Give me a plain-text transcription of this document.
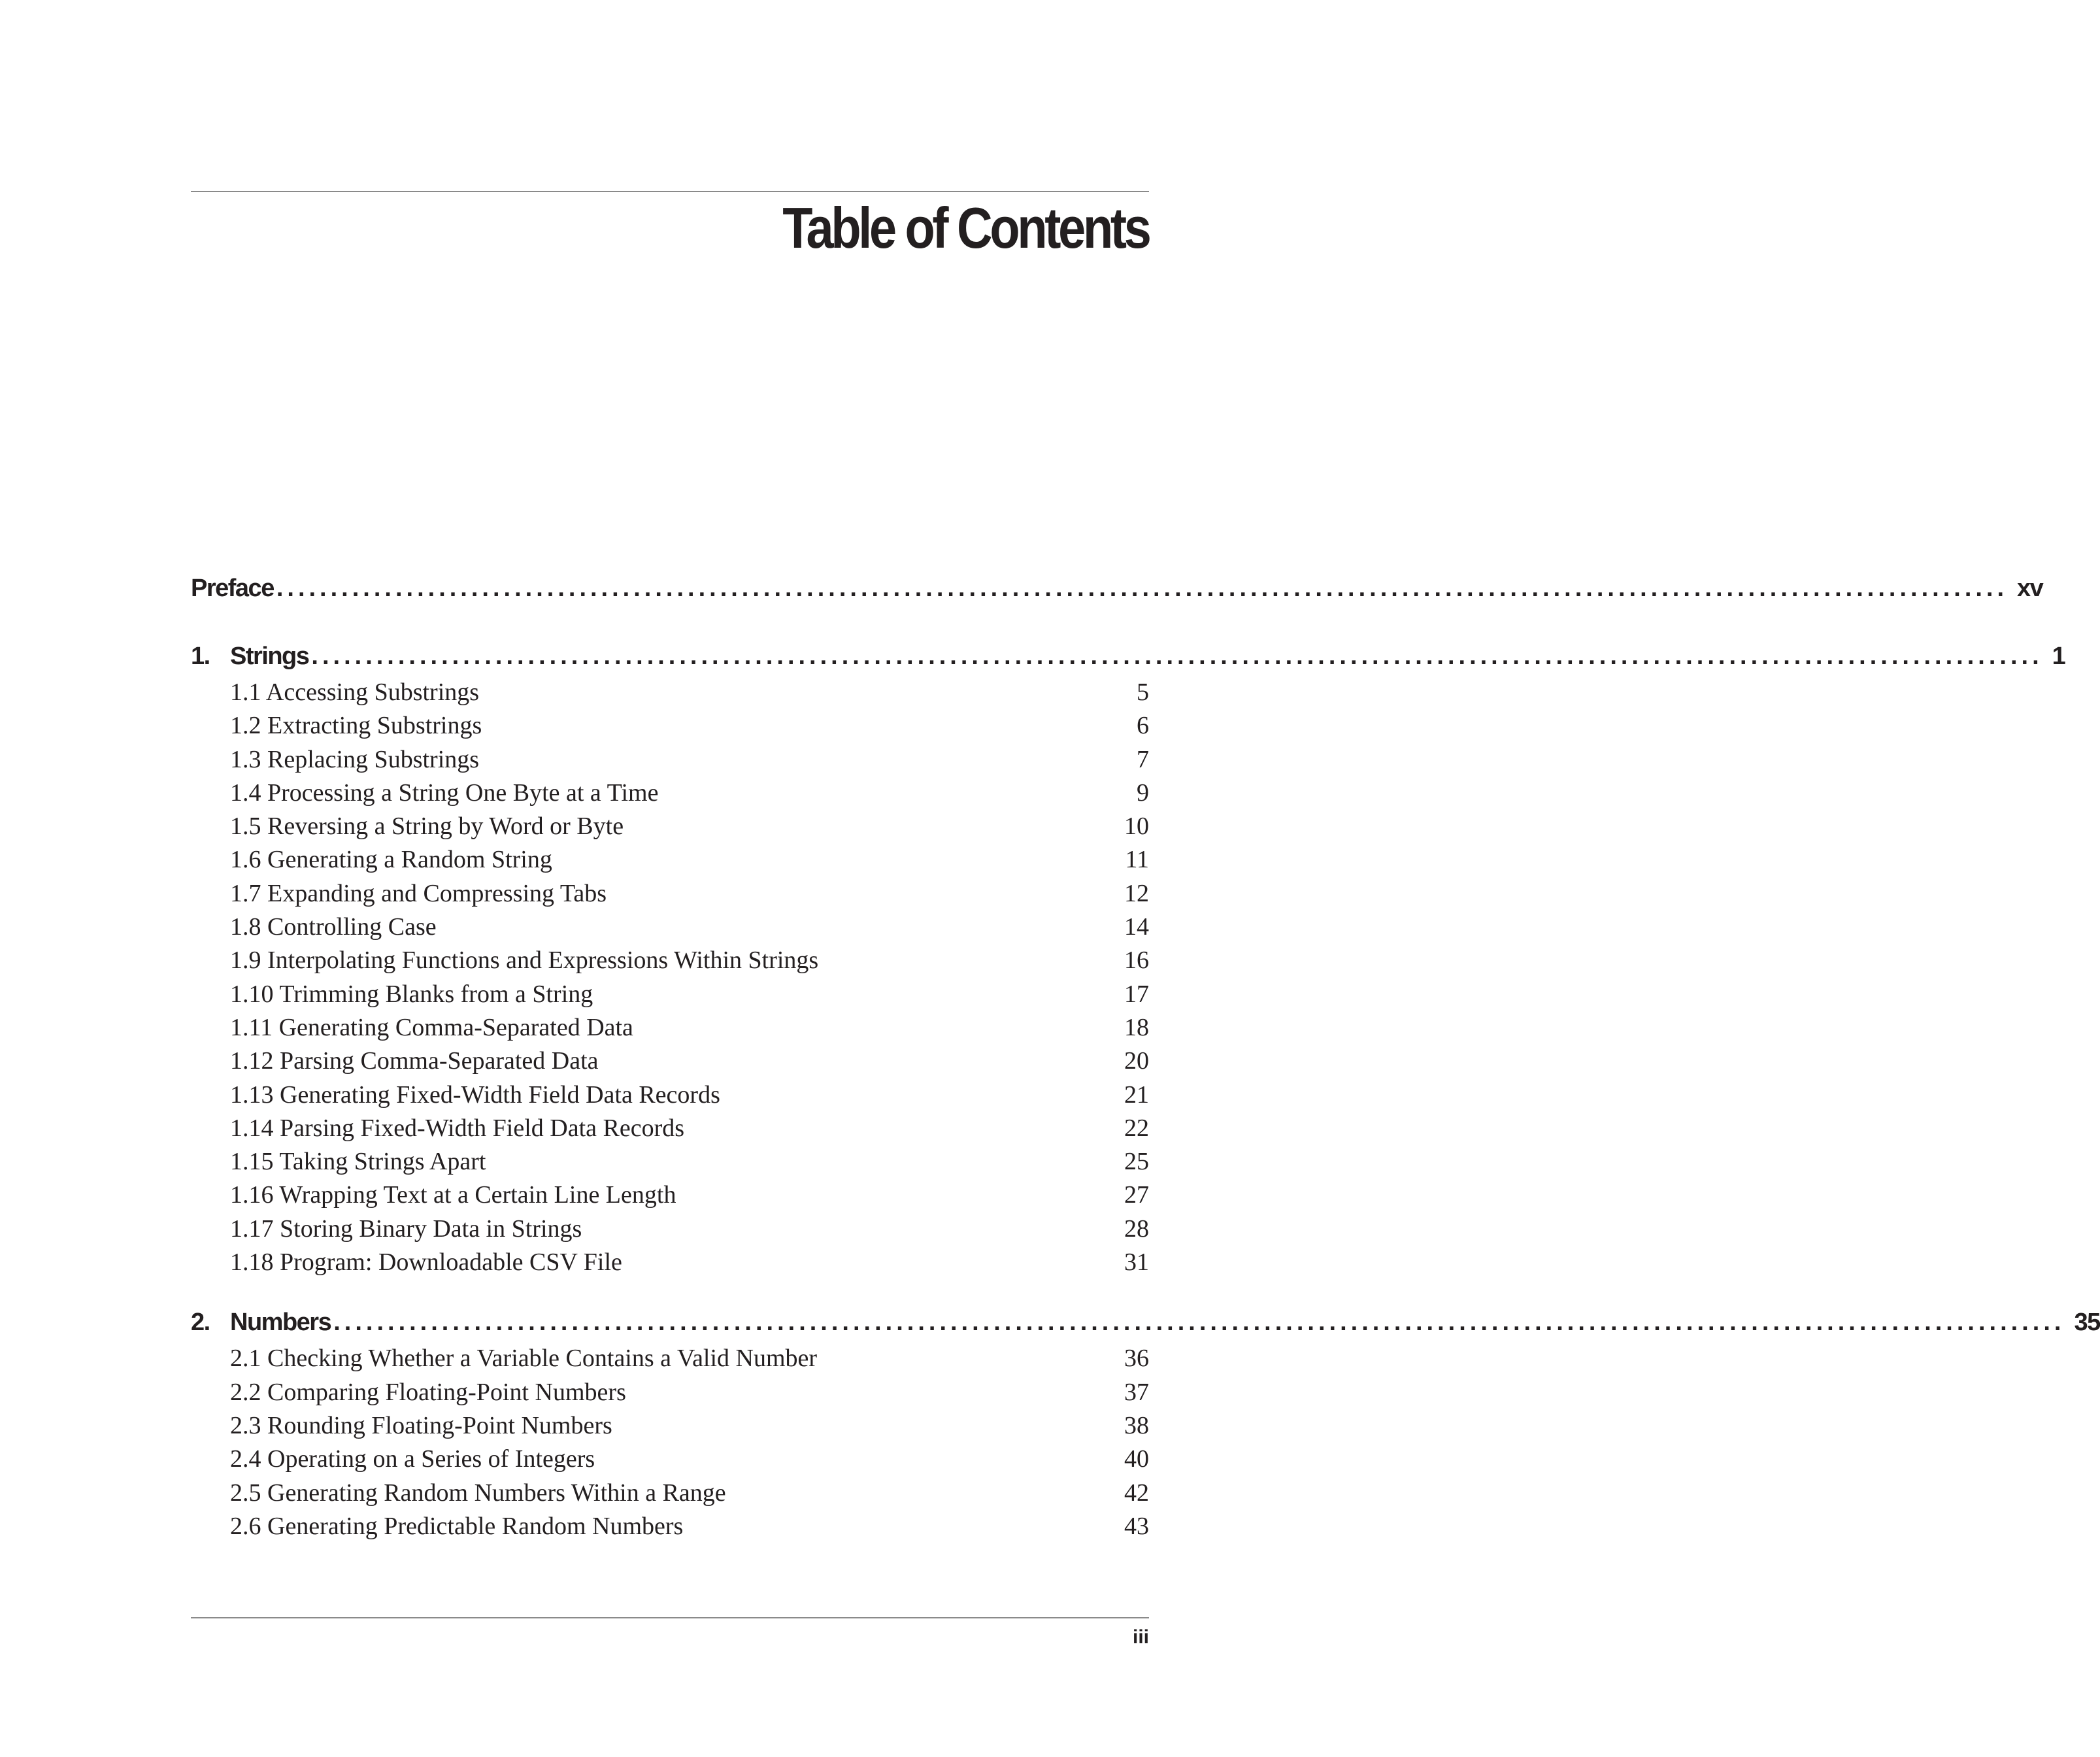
Table of Contents
Preface ................................................................................................................................................................ xv
1. Strings ................................................................................................................................................................ 1
1.1 Accessing Substrings	5
1.2 Extracting Substrings	6
1.3 Replacing Substrings	7
1.4 Processing a String One Byte at a Time	9
1.5 Reversing a String by Word or Byte	10
1.6 Generating a Random String	11
1.7 Expanding and Compressing Tabs	12
1.8 Controlling Case	14
1.9 Interpolating Functions and Expressions Within Strings	16
1.10 Trimming Blanks from a String	17
1.11 Generating Comma-Separated Data	18
1.12 Parsing Comma-Separated Data	20
1.13 Generating Fixed-Width Field Data Records	21
1.14 Parsing Fixed-Width Field Data Records	22
1.15 Taking Strings Apart	25
1.16 Wrapping Text at a Certain Line Length	27
1.17 Storing Binary Data in Strings	28
1.18 Program: Downloadable CSV File	31
2. Numbers ................................................................................................................................................................ 35
2.1 Checking Whether a Variable Contains a Valid Number	36
2.2 Comparing Floating-Point Numbers	37
2.3 Rounding Floating-Point Numbers	38
2.4 Operating on a Series of Integers	40
2.5 Generating Random Numbers Within a Range	42
2.6 Generating Predictable Random Numbers	43
iii
